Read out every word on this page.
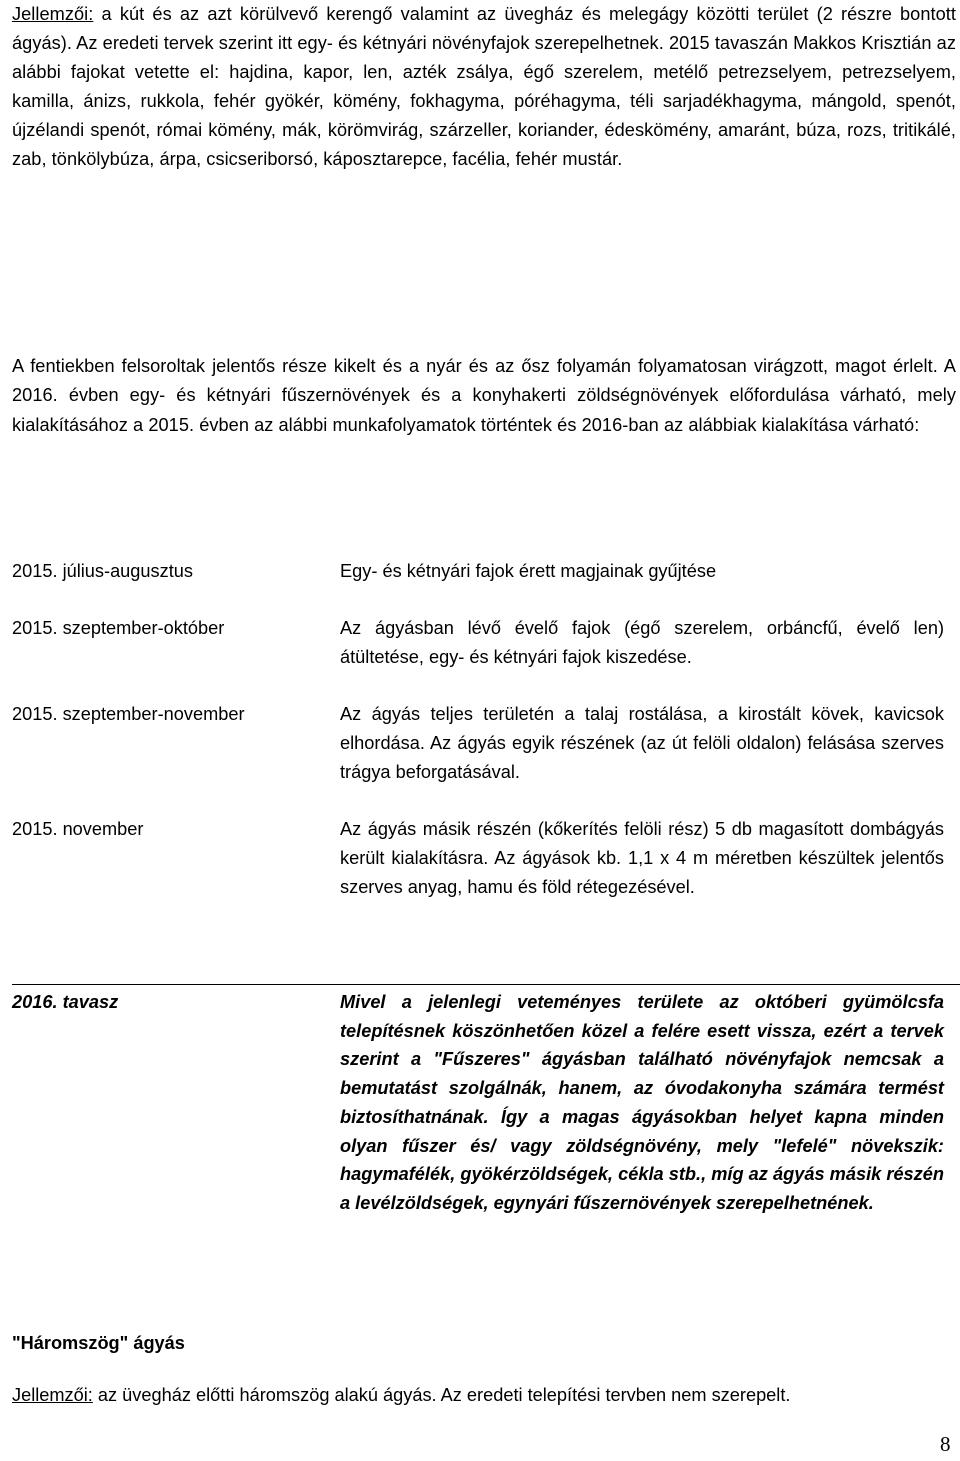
Jellemzői: a kút és az azt körülvevő kerengő valamint az üvegház és melegágy közötti terület (2 részre bontott ágyás). Az eredeti tervek szerint itt egy- és kétnyári növényfajok szerepelhetnek. 2015 tavaszán Makkos Krisztián az alábbi fajokat vetette el: hajdina, kapor, len, azték zsálya, égő szerelem, metélő petrezselyem, petrezselyem, kamilla, ánizs, rukkola, fehér gyökér, kömény, fokhagyma, póréhagyma, téli sarjadékhagyma, mángold, spenót, újzélandi spenót, római kömény, mák, körömvirág, szárzeller, koriander, édeskömény, amaránt, búza, rozs, tritikálé, zab, tönkölybúza, árpa, csicseriborsó, káposztarepce, facélia, fehér mustár.
A fentiekben felsoroltak jelentős része kikelt és a nyár és az ősz folyamán folyamatosan virágzott, magot érlelt. A 2016. évben egy- és kétnyári fűszernövények és a konyhakerti zöldségnövények előfordulása várható, mely kialakításához a 2015. évben az alábbi munkafolyamatok történtek és 2016-ban az alábbiak kialakítása várható:
2015. július-augusztus	Egy- és kétnyári fajok érett magjainak gyűjtése
2015. szeptember-október	Az ágyásban lévő évelő fajok (égő szerelem, orbáncfű, évelő len) átültetése, egy- és kétnyári fajok kiszedése.
2015. szeptember-november	Az ágyás teljes területén a talaj rostálása, a kirostált kövek, kavicsok elhordása. Az ágyás egyik részének (az út felöli oldalon) felásása szerves trágya beforgatásával.
2015. november	Az ágyás másik részén (kőkerítés felöli rész) 5 db magasított dombágyás került kialakításra. Az ágyások kb. 1,1 x 4 m méretben készültek jelentős szerves anyag, hamu és föld rétegezésével.
2016. tavasz	Mivel a jelenlegi veteményes területe az októberi gyümölcsfa telepítésnek köszönhetően közel a felére esett vissza, ezért a tervek szerint a "Fűszeres" ágyásban található növényfajok nemcsak a bemutatást szolgálnák, hanem, az óvodakonyha számára termést biztosíthatnának. Így a magas ágyásokban helyet kapna minden olyan fűszer és/ vagy zöldségnövény, mely "lefelé" növekszik: hagymafélék, gyökérzöldségek, cékla stb., míg az ágyás másik részén a levélzöldségek, egynyári fűszernövények szerepelhetnének.
"Háromszög" ágyás
Jellemzői: az üvegház előtti háromszög alakú ágyás. Az eredeti telepítési tervben nem szerepelt.
8
